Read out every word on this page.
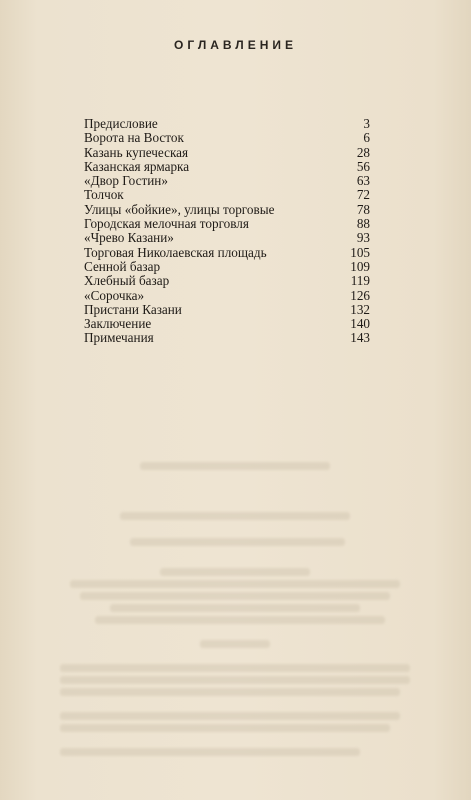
ОГЛАВЛЕНИЕ
Предисловие	3
Ворота на Восток	6
Казань купеческая	28
Казанская ярмарка	56
«Двор Гостин»	63
Толчок	72
Улицы «бойкие», улицы торговые	78
Городская мелочная торговля	88
«Чрево Казани»	93
Торговая Николаевская площадь	105
Сенной базар	109
Хлебный базар	119
«Сорочка»	126
Пристани Казани	132
Заключение	140
Примечания	143
